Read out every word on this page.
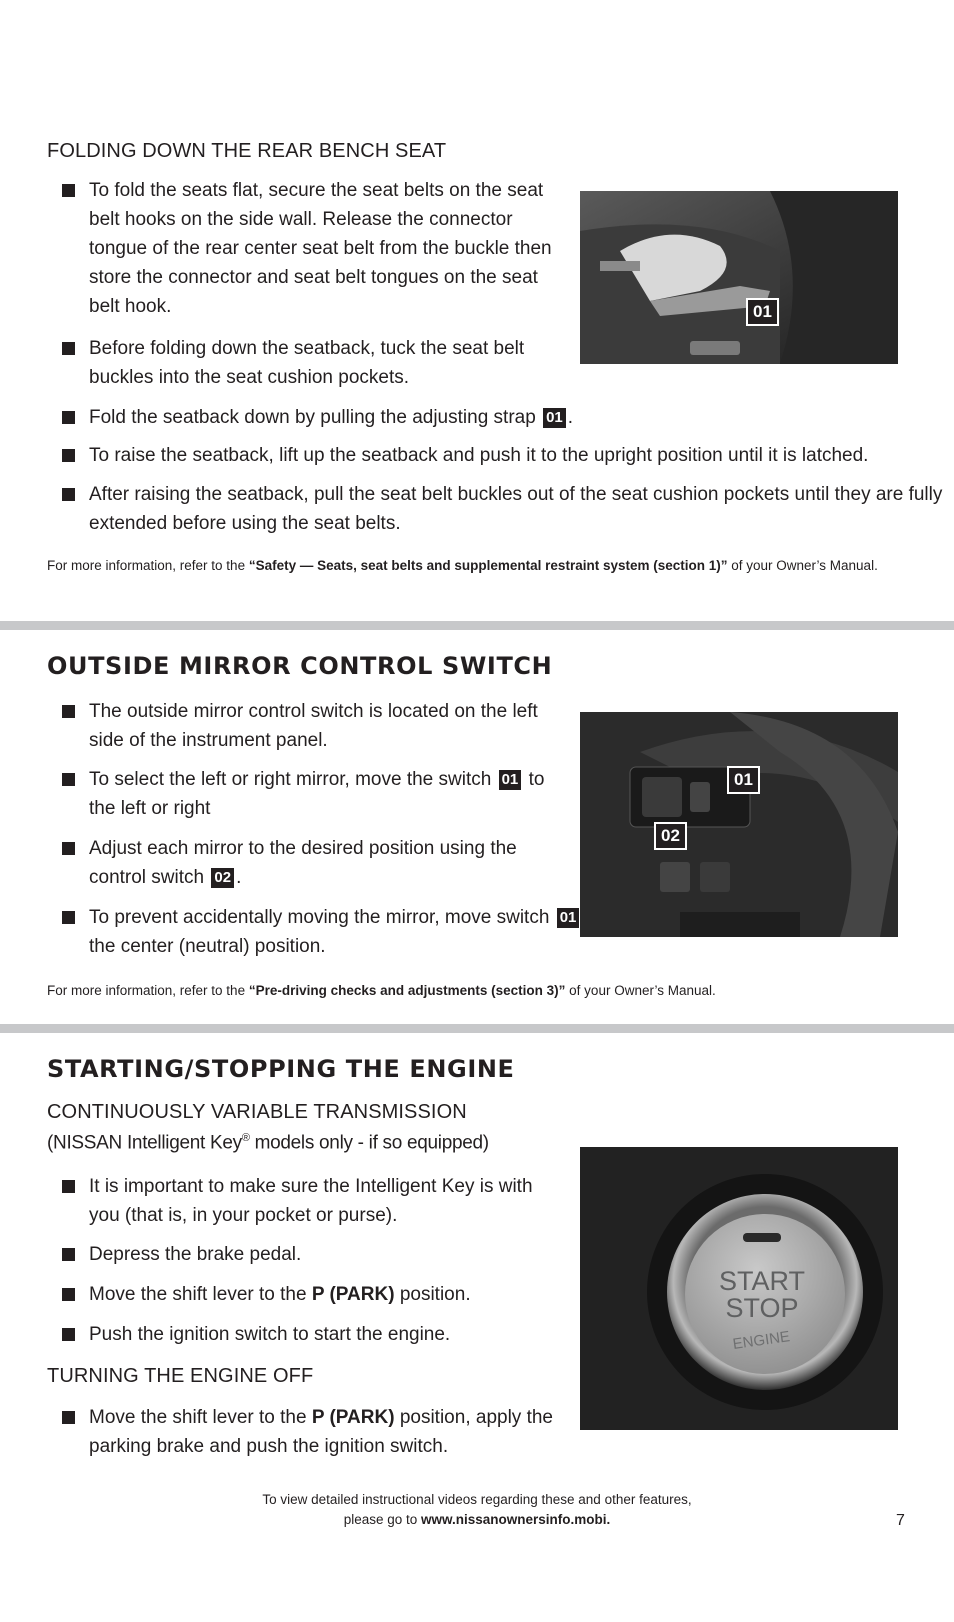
FOLDING DOWN THE REAR BENCH SEAT
To fold the seats flat, secure the seat belts on the seat belt hooks on the side wall. Release the connector tongue of the rear center seat belt from the buckle then store the connector and seat belt tongues on the seat belt hook.
Before folding down the seatback, tuck the seat belt buckles into the seat cushion pockets.
Fold the seatback down by pulling the adjusting strap 01 .
To raise the seatback, lift up the seatback and push it to the upright position until it is latched.
After raising the seatback, pull the seat belt buckles out of the seat cushion pockets until they are fully extended before using the seat belts.
01
For more information, refer to the “Safety — Seats, seat belts and supplemental restraint system (section 1)” of your Owner’s Manual.
OUTSIDE MIRROR CONTROL SWITCH
The outside mirror control switch is located on the left side of the instrument panel.
To select the left or right mirror, move the switch 01 to the left or right
Adjust each mirror to the desired position using the control switch 02 .
To prevent accidentally moving the mirror, move switch 01 the center (neutral) position.
01
02
For more information, refer to the “Pre-driving checks and adjustments (section 3)” of your Owner’s Manual.
STARTING/STOPPING THE ENGINE
CONTINUOUSLY VARIABLE TRANSMISSION
(NISSAN Intelligent Key® models only - if so equipped)
It is important to make sure the Intelligent Key is with you (that is, in your pocket or purse).
Depress the brake pedal.
Move the shift lever to the P (PARK) position.
Push the ignition switch to start the engine.
TURNING THE ENGINE OFF
Move the shift lever to the P (PARK) position, apply the parking brake and push the ignition switch.
START
STOP
ENGINE
To view detailed instructional videos regarding these and other features,
please go to www.nissanownersinfo.mobi.	7
